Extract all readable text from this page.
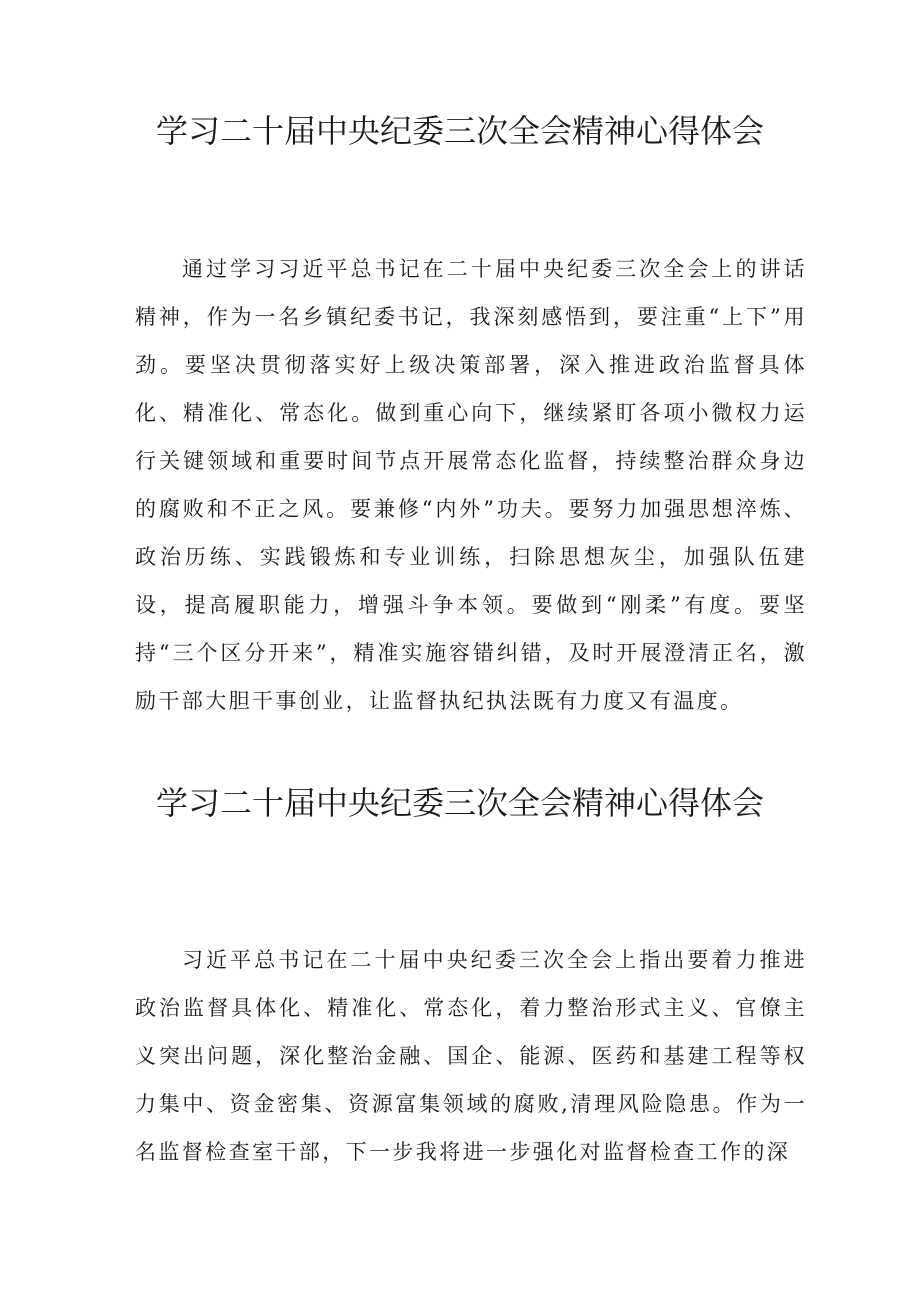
学习二十届中央纪委三次全会精神心得体会

通过学习习近平总书记在二十届中央纪委三次全会上的讲话精神，作为一名乡镇纪委书记，我深刻感悟到，要注重“上下”用劲。要坚决贯彻落实好上级决策部署，深入推进政治监督具体化、精准化、常态化。做到重心向下，继续紧盯各项小微权力运行关键领域和重要时间节点开展常态化监督，持续整治群众身边的腐败和不正之风。要兼修“内外”功夫。要努力加强思想淬炼、政治历练、实践锻炼和专业训练，扫除思想灰尘，加强队伍建设，提高履职能力，增强斗争本领。要做到“刚柔”有度。要坚持“三个区分开来”，精准实施容错纠错，及时开展澄清正名，激励干部大胆干事创业，让监督执纪执法既有力度又有温度。

学习二十届中央纪委三次全会精神心得体会

习近平总书记在二十届中央纪委三次全会上指出要着力推进政治监督具体化、精准化、常态化，着力整治形式主义、官僚主义突出问题，深化整治金融、国企、能源、医药和基建工程等权力集中、资金密集、资源富集领域的腐败,清理风险隐患。作为一名监督检查室干部，下一步我将进一步强化对监督检查工作的深
